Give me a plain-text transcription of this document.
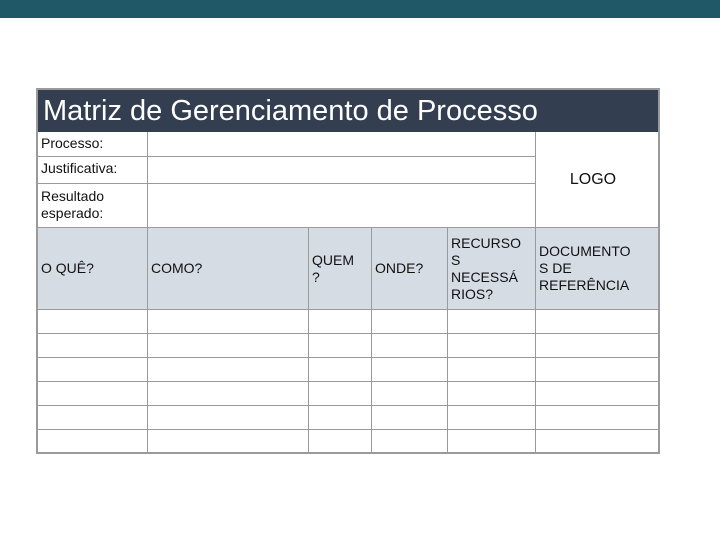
Matriz de Gerenciamento de Processo
Processo:
Justificativa:
Resultado
esperado:
LOGO
O QUÊ?	COMO?
QUEM
?
ONDE?
RECURSO
S
NECESSÁ
RIOS?
DOCUMENTO
S DE
REFERÊNCIA
